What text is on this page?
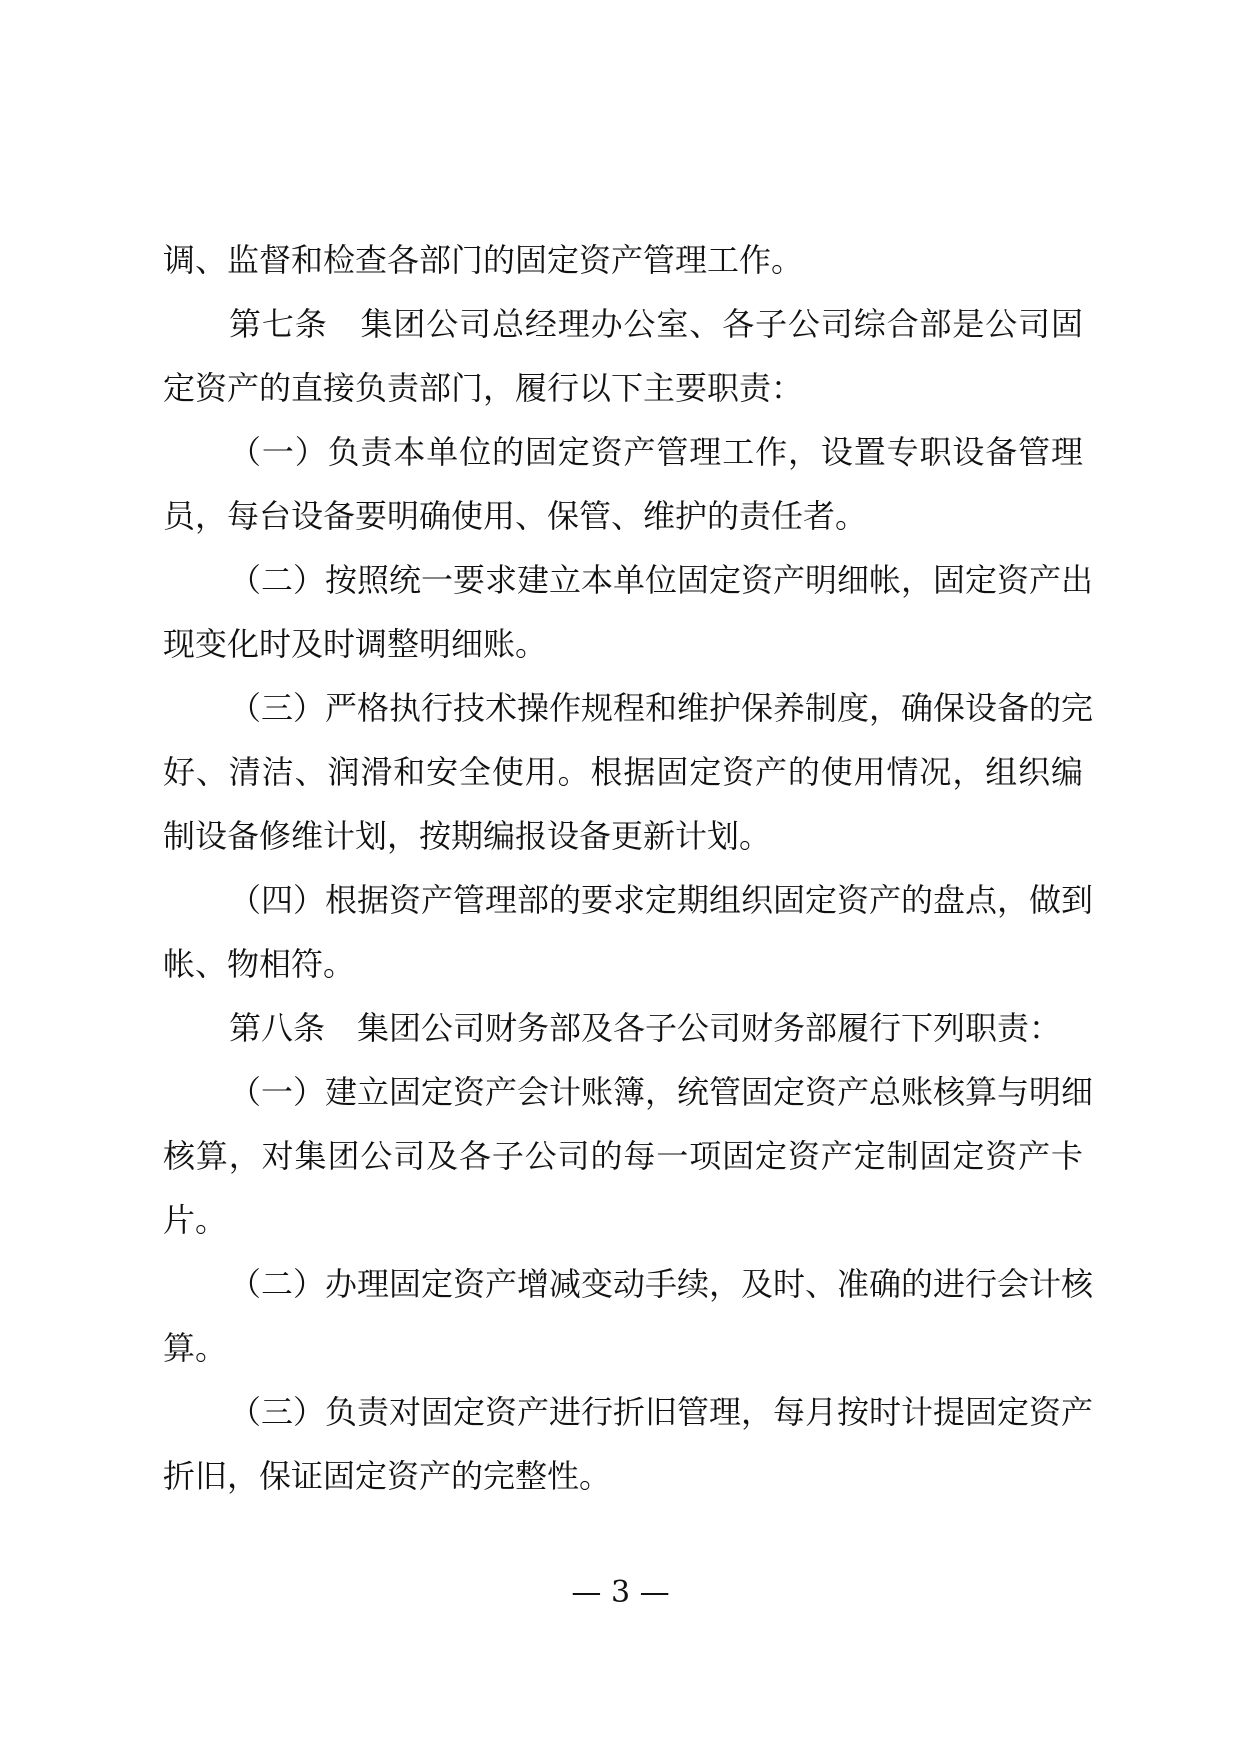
调、监督和检查各部门的固定资产管理工作。
第七条　集团公司总经理办公室、各子公司综合部是公司固
定资产的直接负责部门，履行以下主要职责：
（一）负责本单位的固定资产管理工作，设置专职设备管理
员，每台设备要明确使用、保管、维护的责任者。
（二）按照统一要求建立本单位固定资产明细帐，固定资产出
现变化时及时调整明细账。
（三）严格执行技术操作规程和维护保养制度，确保设备的完
好、清洁、润滑和安全使用。根据固定资产的使用情况，组织编
制设备修维计划，按期编报设备更新计划。
（四）根据资产管理部的要求定期组织固定资产的盘点，做到
帐、物相符。
第八条　集团公司财务部及各子公司财务部履行下列职责：
（一）建立固定资产会计账簿，统管固定资产总账核算与明细
核算，对集团公司及各子公司的每一项固定资产定制固定资产卡
片。
（二）办理固定资产增减变动手续，及时、准确的进行会计核
算。
（三）负责对固定资产进行折旧管理，每月按时计提固定资产
折旧，保证固定资产的完整性。
— 3 —
